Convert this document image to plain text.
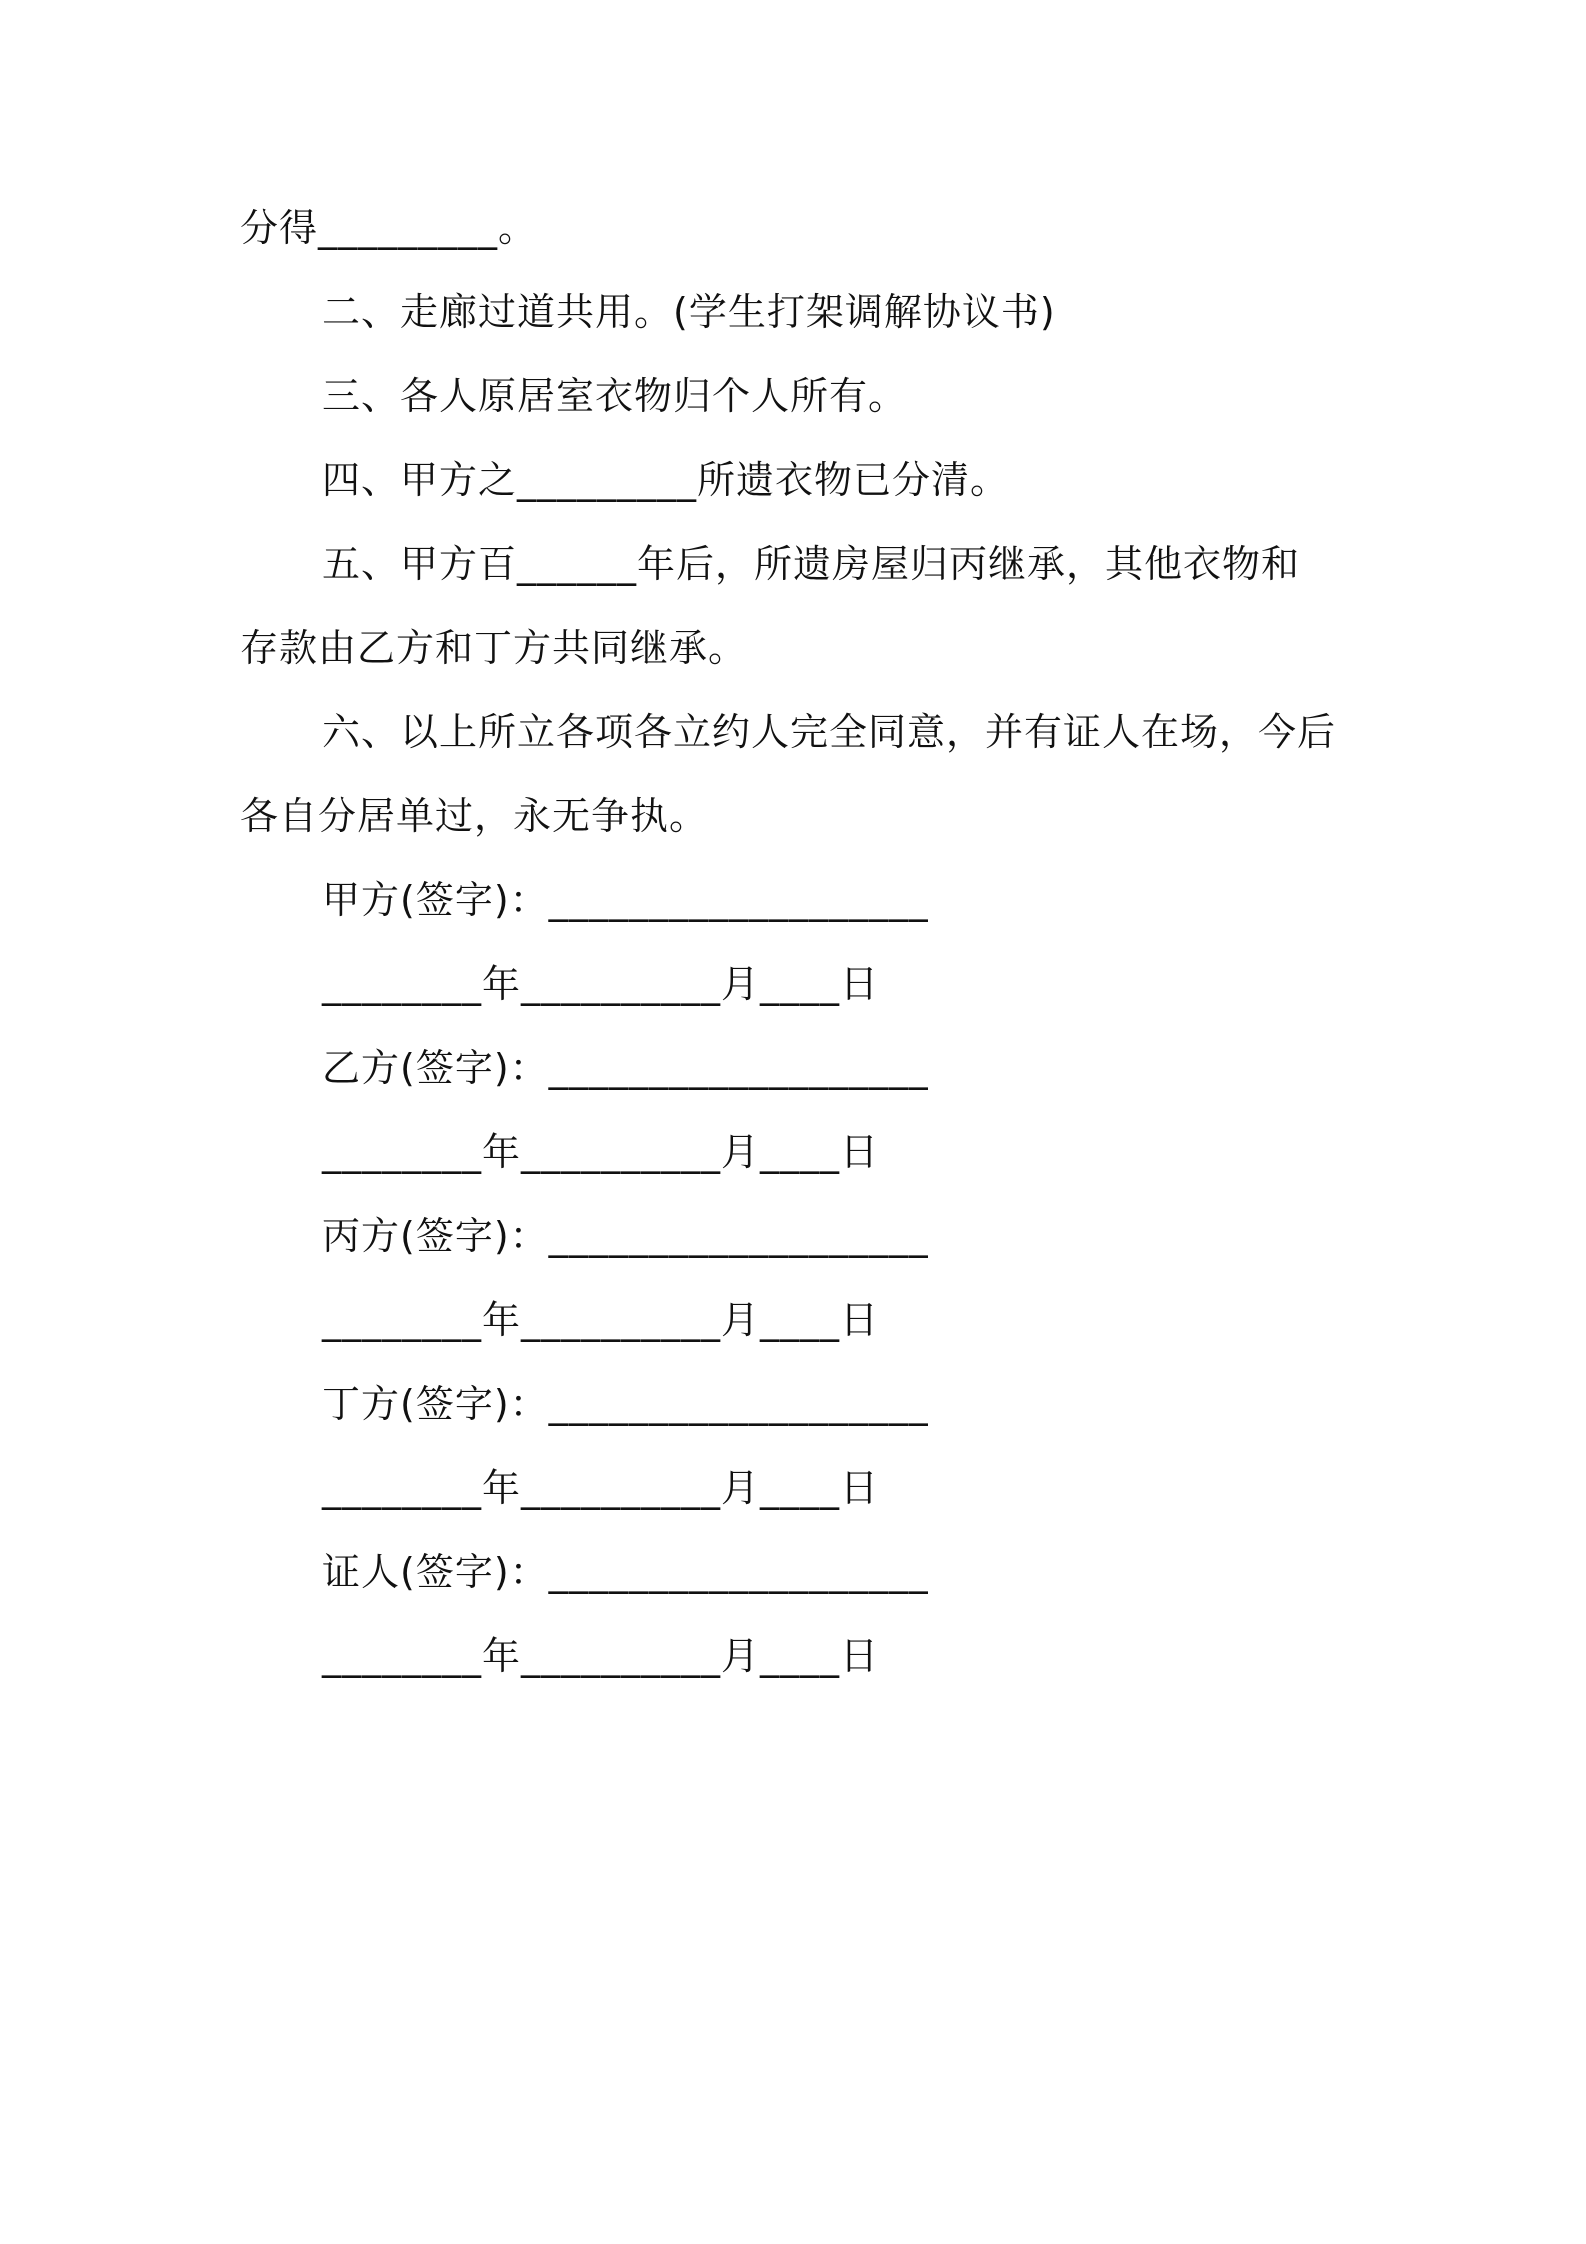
分得_________。
二、走廊过道共用。(学生打架调解协议书)
三、各人原居室衣物归个人所有。
四、甲方之_________所遗衣物已分清。
五、甲方百______年后，所遗房屋归丙继承，其他衣物和
存款由乙方和丁方共同继承。
六、以上所立各项各立约人完全同意，并有证人在场，今后
各自分居单过，永无争执。
甲方(签字)：___________________
________年__________月____日
乙方(签字)：___________________
________年__________月____日
丙方(签字)：___________________
________年__________月____日
丁方(签字)：___________________
________年__________月____日
证人(签字)：___________________
________年__________月____日
